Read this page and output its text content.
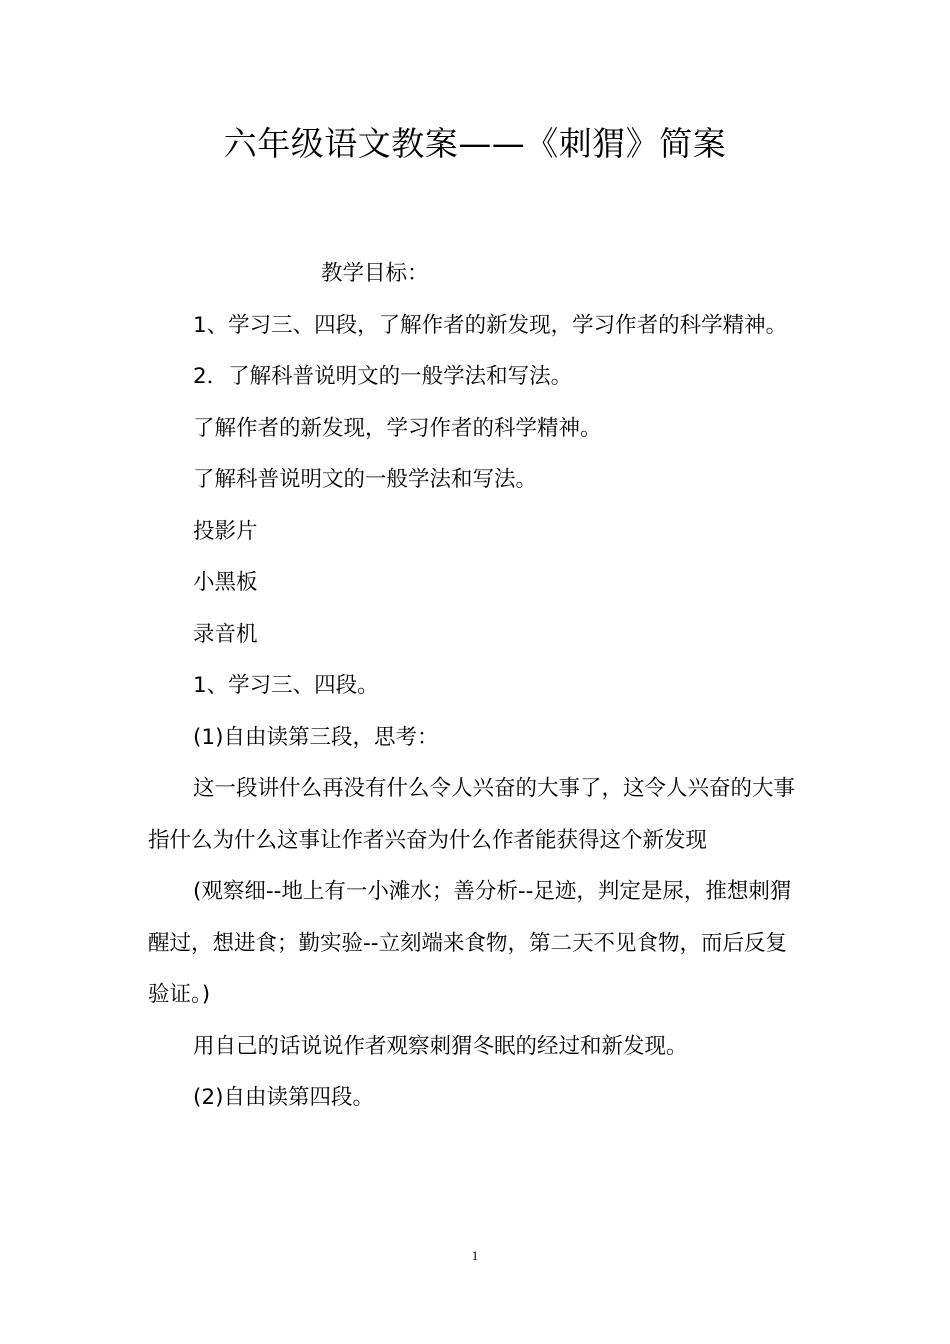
六年级语文教案——《刺猬》简案

教学目标：

1、学习三、四段，了解作者的新发现，学习作者的科学精神。

2．了解科普说明文的一般学法和写法。

了解作者的新发现，学习作者的科学精神。

了解科普说明文的一般学法和写法。

投影片

小黑板

录音机

1、学习三、四段。

(1)自由读第三段，思考：

这一段讲什么再没有什么令人兴奋的大事了，这令人兴奋的大事指什么为什么这事让作者兴奋为什么作者能获得这个新发现

(观察细--地上有一小滩水；善分析--足迹，判定是尿，推想刺猬醒过，想进食；勤实验--立刻端来食物，第二天不见食物，而后反复验证。)

用自己的话说说作者观察刺猬冬眠的经过和新发现。

(2)自由读第四段。

1
